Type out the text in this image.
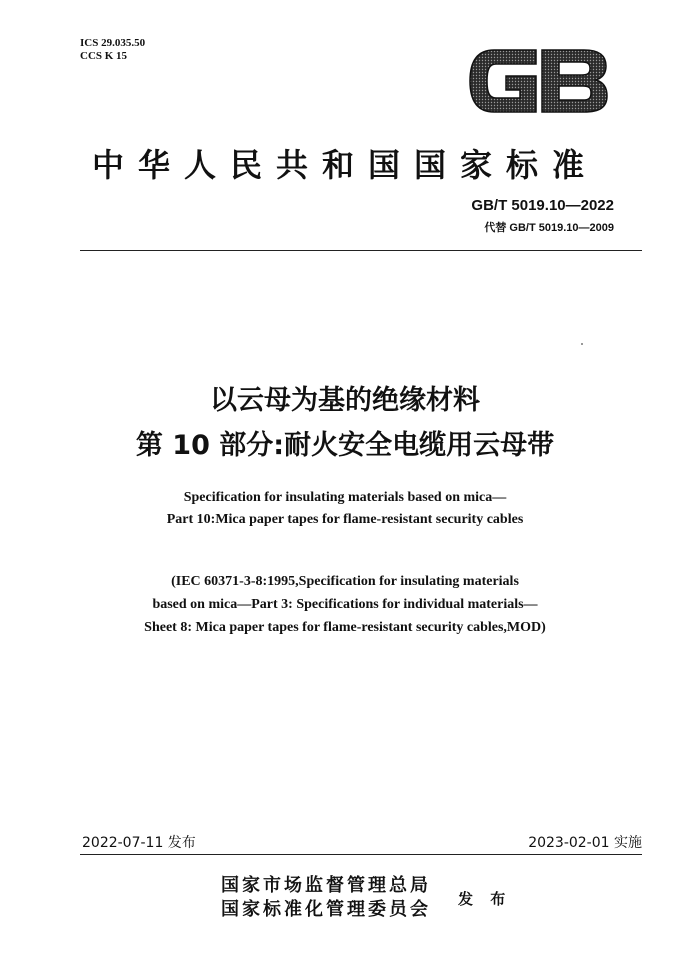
ICS 29.035.50
CCS K 15
中华人民共和国国家标准
GB/T 5019.10—2022
代替 GB/T 5019.10—2009
以云母为基的绝缘材料
第 10 部分:耐火安全电缆用云母带
Specification for insulating materials based on mica—
Part 10:Mica paper tapes for flame-resistant security cables
(IEC 60371-3-8:1995,Specification for insulating materials
based on mica—Part 3: Specifications for individual materials—
Sheet 8: Mica paper tapes for flame-resistant security cables,MOD)
2022-07-11 发布	2023-02-01 实施
国家市场监督管理总局
国家标准化管理委员会 发 布
